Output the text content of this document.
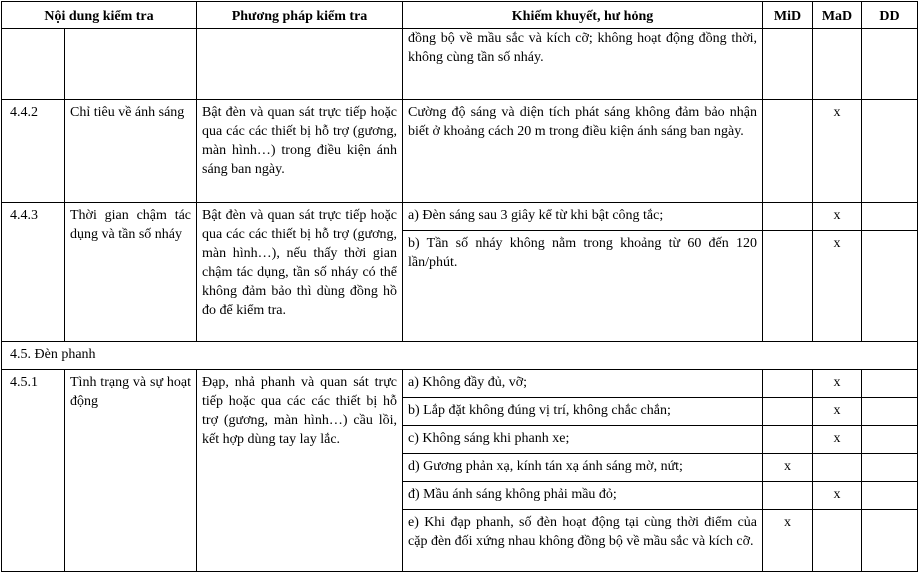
Nội dung kiểm tra		Phương pháp kiểm tra	Khiếm khuyết, hư hỏng	MiD	MaD	DD
			đồng bộ về mầu sắc và kích cỡ; không hoạt động đồng thời, không cùng tần số nháy.			
4.4.2	Chỉ tiêu về ánh sáng	Bật đèn và quan sát trực tiếp hoặc qua các các thiết bị hỗ trợ (gương, màn hình…) trong điều kiện ánh sáng ban ngày.	Cường độ sáng và diện tích phát sáng không đảm bảo nhận biết ở khoảng cách 20 m trong điều kiện ánh sáng ban ngày.		x	
4.4.3	Thời gian chậm tác dụng và tần số nháy	Bật đèn và quan sát trực tiếp hoặc qua các các thiết bị hỗ trợ (gương, màn hình…), nếu thấy thời gian chậm tác dụng, tần số nháy có thể không đảm bảo thì dùng đồng hồ đo để kiểm tra.	a) Đèn sáng sau 3 giây kể từ khi bật công tắc;		x	
			b) Tần số nháy không nằm trong khoảng từ 60 đến 120 lần/phút.		x	
4.5. Đèn phanh						
4.5.1	Tình trạng và sự hoạt động	Đạp, nhả phanh và quan sát trực tiếp hoặc qua các các thiết bị hỗ trợ (gương, màn hình…) cầu lồi, kết hợp dùng tay lay lắc.	a) Không đầy đủ, vỡ;		x	
			b) Lắp đặt không đúng vị trí, không chắc chắn;		x	
			c) Không sáng khi phanh xe;		x	
			d) Gương phản xạ, kính tán xạ ánh sáng mờ, nứt;	x		
			đ) Mầu ánh sáng không phải mầu đỏ;		x	
			e) Khi đạp phanh, số đèn hoạt động tại cùng thời điểm của cặp đèn đối xứng nhau không đồng bộ về mầu sắc và kích cỡ.	x		
